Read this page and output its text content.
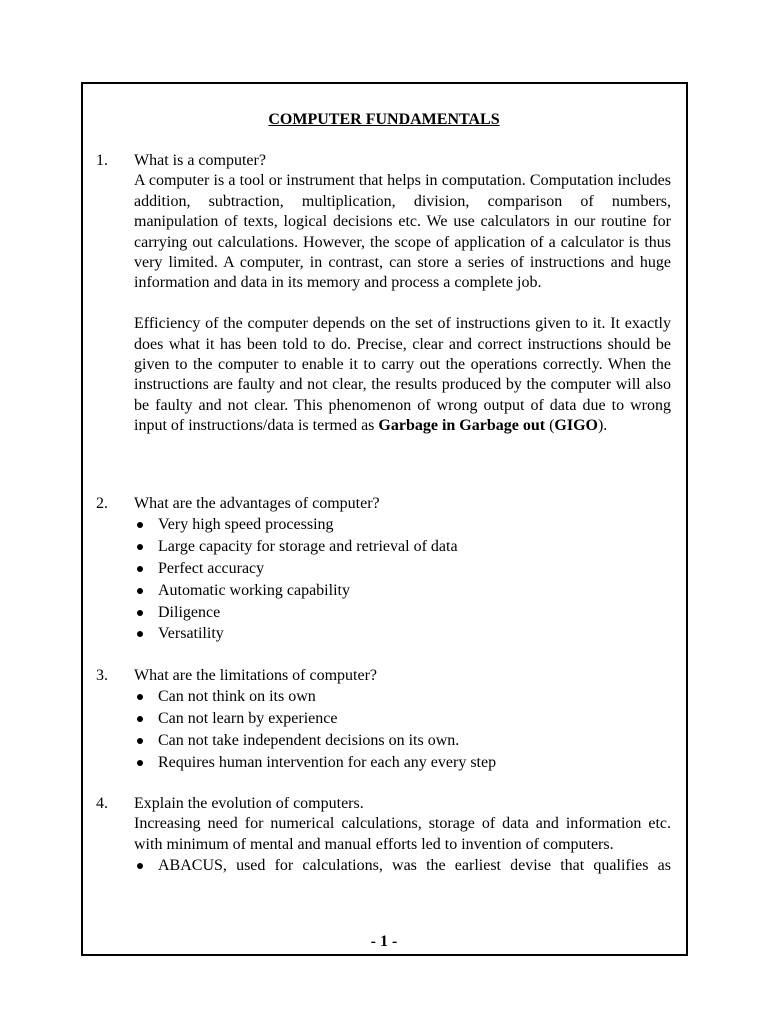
COMPUTER FUNDAMENTALS
1. What is a computer?

A computer is a tool or instrument that helps in computation. Computation includes addition, subtraction, multiplication, division, comparison of numbers, manipulation of texts, logical decisions etc. We use calculators in our routine for carrying out calculations. However, the scope of application of a calculator is thus very limited. A computer, in contrast, can store a series of instructions and huge information and data in its memory and process a complete job.

Efficiency of the computer depends on the set of instructions given to it. It exactly does what it has been told to do. Precise, clear and correct instructions should be given to the computer to enable it to carry out the operations correctly. When the instructions are faulty and not clear, the results produced by the computer will also be faulty and not clear. This phenomenon of wrong output of data due to wrong input of instructions/data is termed as Garbage in Garbage out (GIGO).

2. What are the advantages of computer?
Very high speed processing
Large capacity for storage and retrieval of data
Perfect accuracy
Automatic working capability
Diligence
Versatility
3. What are the limitations of computer?
Can not think on its own
Can not learn by experience
Can not take independent decisions on its own.
Requires human intervention for each any every step
4. Explain the evolution of computers.

Increasing need for numerical calculations, storage of data and information etc. with minimum of mental and manual efforts led to invention of computers.

ABACUS, used for calculations, was the earliest devise that qualifies as
- 1 -
